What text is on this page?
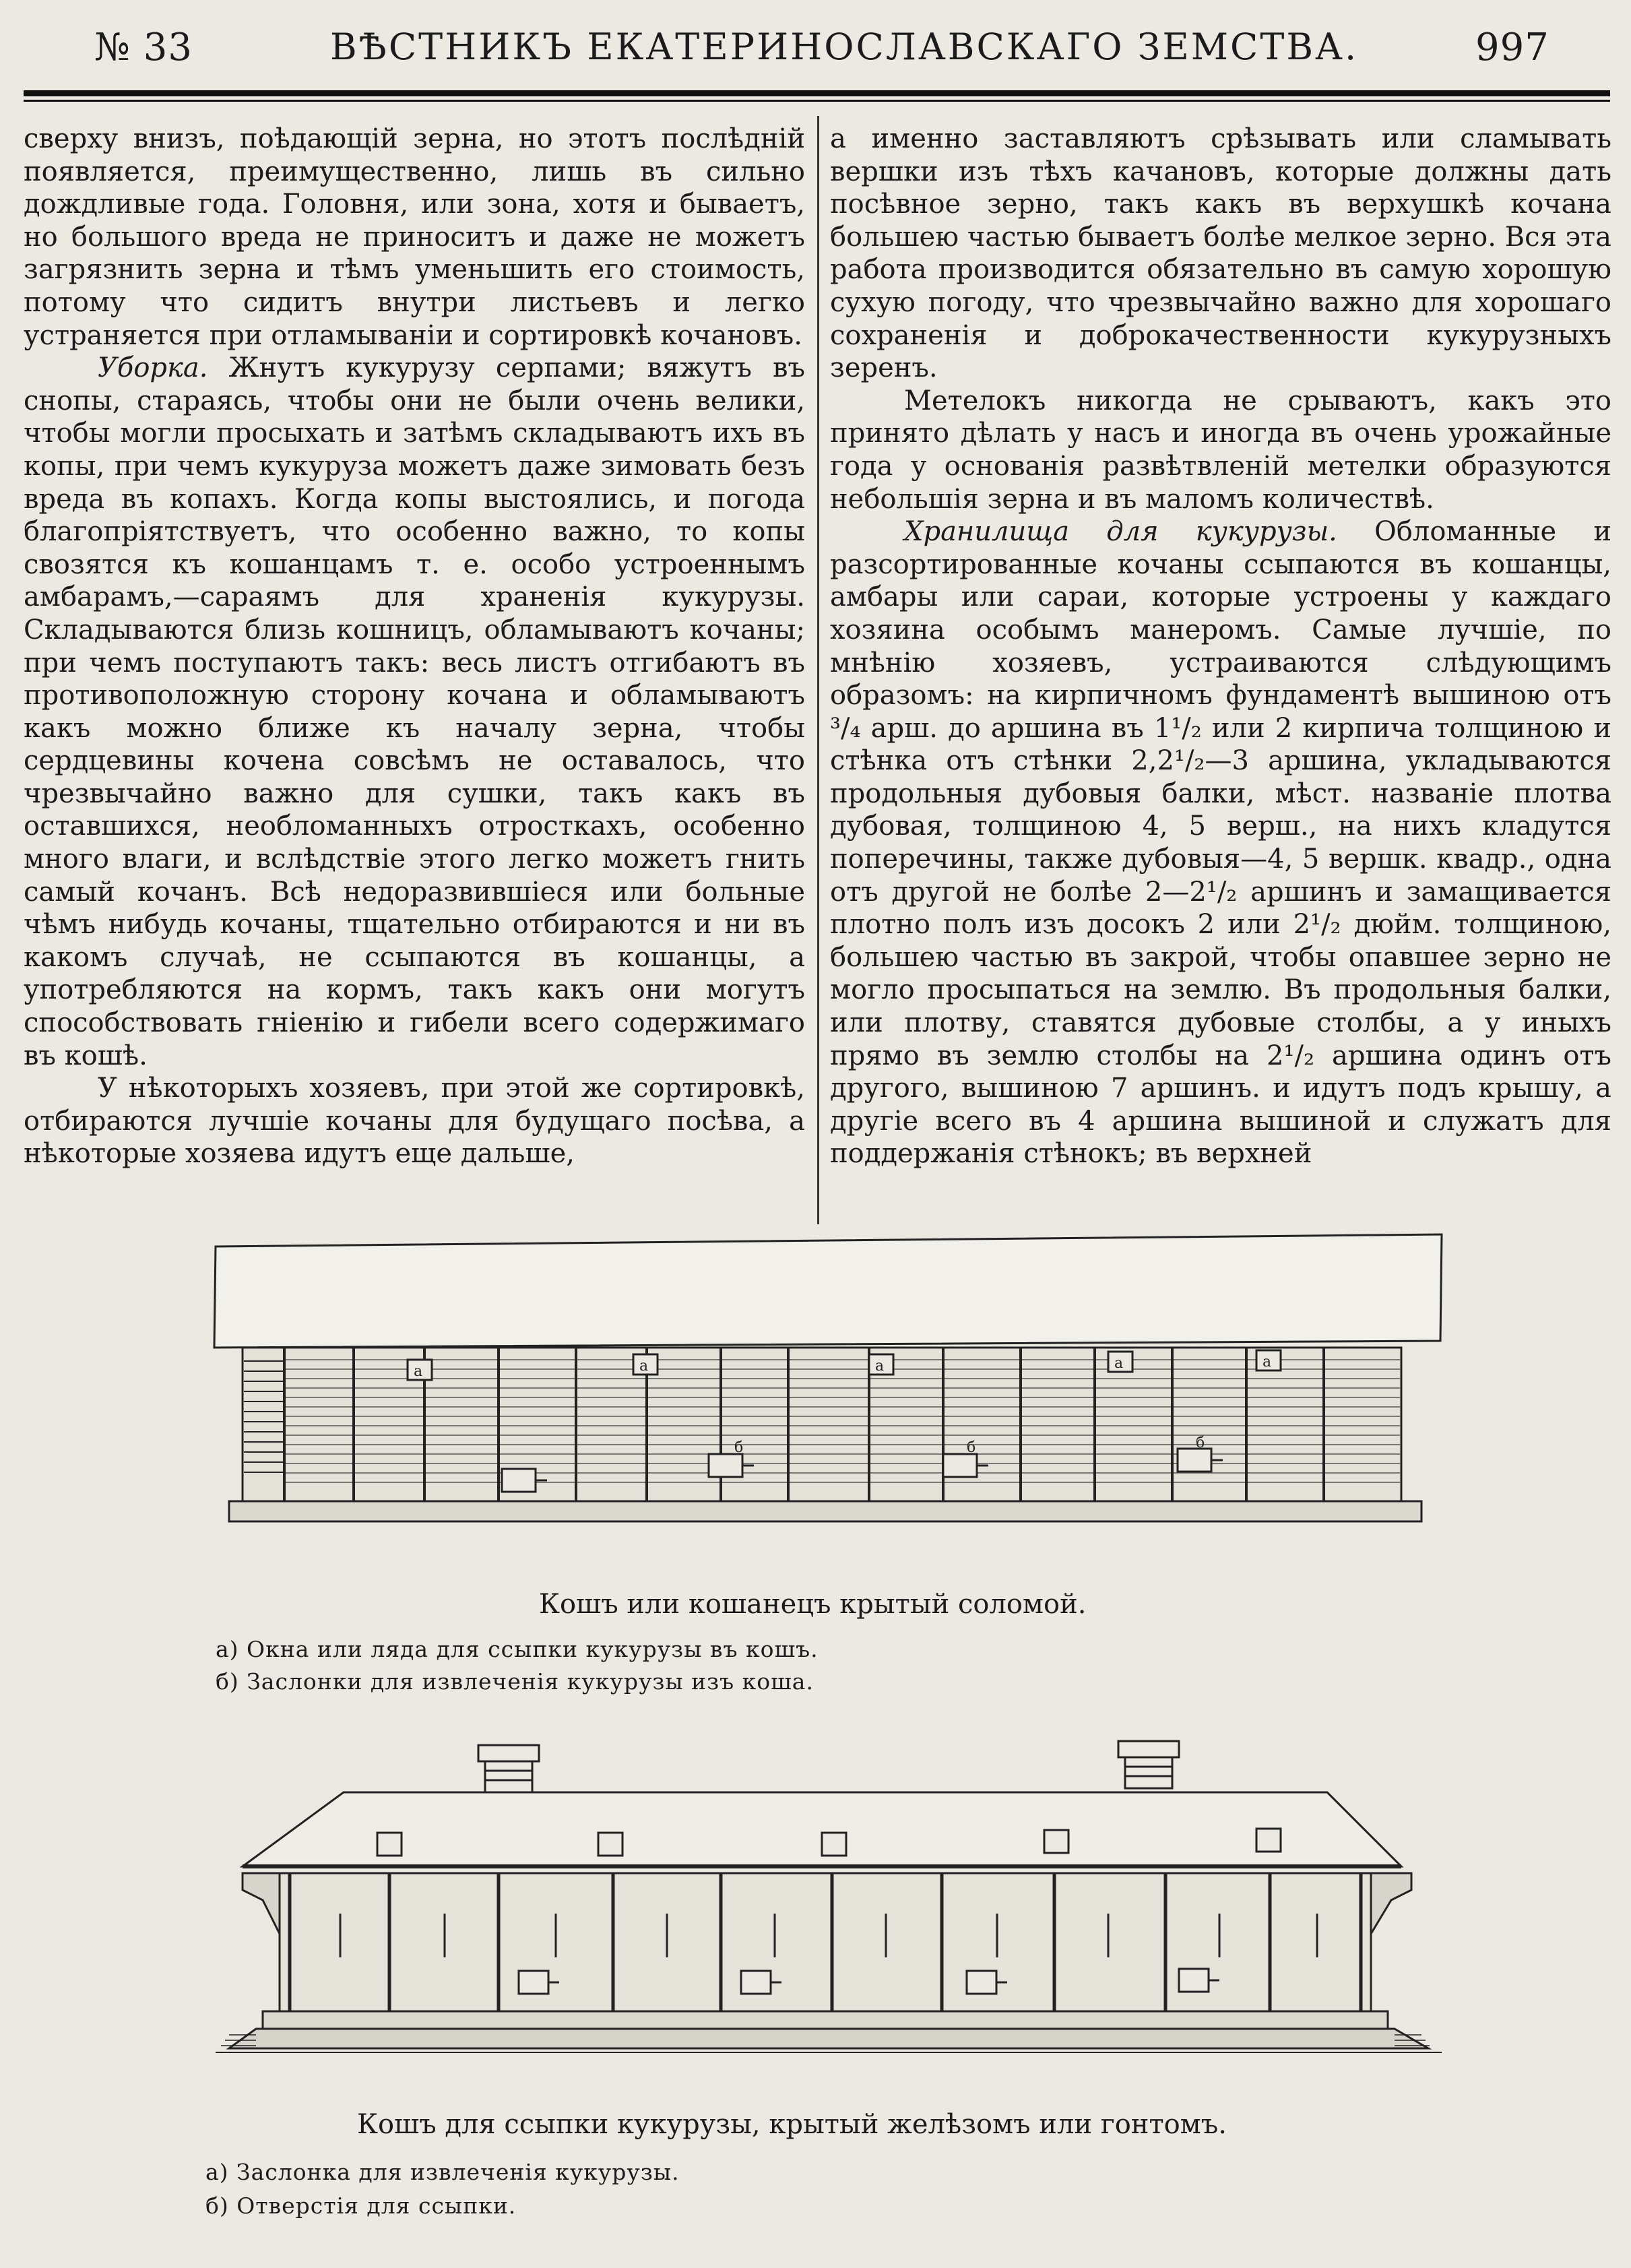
№ 33	ВѢСТНИКЪ ЕКАТЕРИНОСЛАВСКАГО ЗЕМСТВА.	997

сверху внизъ, поѣдающій зерна, но этотъ послѣдній появляется, преимущественно, лишь въ сильно дождливые года. Головня, или зона, хотя и бываетъ, но большого вреда не приноситъ и даже не можетъ загрязнить зерна и тѣмъ уменьшить его стоимость, потому что сидитъ внутри листьевъ и легко устраняется при отламываніи и сортировкѣ кочановъ.

Уборка. Жнутъ кукурузу серпами; вяжутъ въ снопы, стараясь, чтобы они не были очень велики, чтобы могли просыхать и затѣмъ складываютъ ихъ въ копы, при чемъ кукуруза можетъ даже зимовать безъ вреда въ копахъ. Когда копы выстоялись, и погода благопріятствуетъ, что особенно важно, то копы свозятся къ кошанцамъ т. е. особо устроеннымъ амбарамъ,—сараямъ для храненія кукурузы. Складываются близь кошницъ, обламываютъ кочаны; при чемъ поступаютъ такъ: весь листъ отгибаютъ въ противоположную сторону кочана и обламываютъ какъ можно ближе къ началу зерна, чтобы сердцевины кочена совсѣмъ не оставалось, что чрезвычайно важно для сушки, такъ какъ въ оставшихся, необломанныхъ отросткахъ, особенно много влаги, и вслѣдствіе этого легко можетъ гнить самый кочанъ. Всѣ недоразвившіеся или больные чѣмъ нибудь кочаны, тщательно отбираются и ни въ какомъ случаѣ, не ссыпаются въ кошанцы, а употребляются на кормъ, такъ какъ они могутъ способствовать гніенію и гибели всего содержимаго въ кошѣ.

У нѣкоторыхъ хозяевъ, при этой же сортировкѣ, отбираются лучшіе кочаны для будущаго посѣва, а нѣкоторые хозяева идутъ еще дальше,

а именно заставляютъ срѣзывать или сламывать вершки изъ тѣхъ качановъ, которые должны дать посѣвное зерно, такъ какъ въ верхушкѣ кочана большею частью бываетъ болѣе мелкое зерно. Вся эта работа производится обязательно въ самую хорошую сухую погоду, что чрезвычайно важно для хорошаго сохраненія и доброкачественности кукурузныхъ зеренъ.

Метелокъ никогда не срываютъ, какъ это принято дѣлать у насъ и иногда въ очень урожайные года у основанія развѣтвленій метелки образуются небольшія зерна и въ маломъ количествѣ.

Хранилища для кукурузы. Обломанные и разсортированные кочаны ссыпаются въ кошанцы, амбары или сараи, которые устроены у каждаго хозяина особымъ манеромъ. Самые лучшіе, по мнѣнію хозяевъ, устраиваются слѣдующимъ образомъ: на кирпичномъ фундаментѣ вышиною отъ ³/₄ арш. до аршина въ 1¹/₂ или 2 кирпича толщиною и стѣнка отъ стѣнки 2,2¹/₂—3 аршина, укладываются продольныя дубовыя балки, мѣст. названіе плотва дубовая, толщиною 4, 5 верш., на нихъ кладутся поперечины, также дубовыя—4, 5 вершк. квадр., одна отъ другой не болѣе 2—2¹/₂ аршинъ и замащивается плотно полъ изъ досокъ 2 или 2¹/₂ дюйм. толщиною, большею частью въ закрой, чтобы опавшее зерно не могло просыпаться на землю. Въ продольныя балки, или плотву, ставятся дубовые столбы, а у иныхъ прямо въ землю столбы на 2¹/₂ аршина одинъ отъ другого, вышиною 7 аршинъ. и идутъ подъ крышу, а другіе всего въ 4 аршина вышиной и служатъ для поддержанія стѣнокъ; въ верхней

a	a	a	a	a
б	б	б
Кошъ или кошанецъ крытый соломой.
а) Окна или ляда для ссыпки кукурузы въ кошъ.
б) Заслонки для извлеченія кукурузы изъ коша.
Кошъ для ссыпки кукурузы, крытый желѣзомъ или гонтомъ.
а) Заслонка для извлеченія кукурузы.
б) Отверстія для ссыпки.
